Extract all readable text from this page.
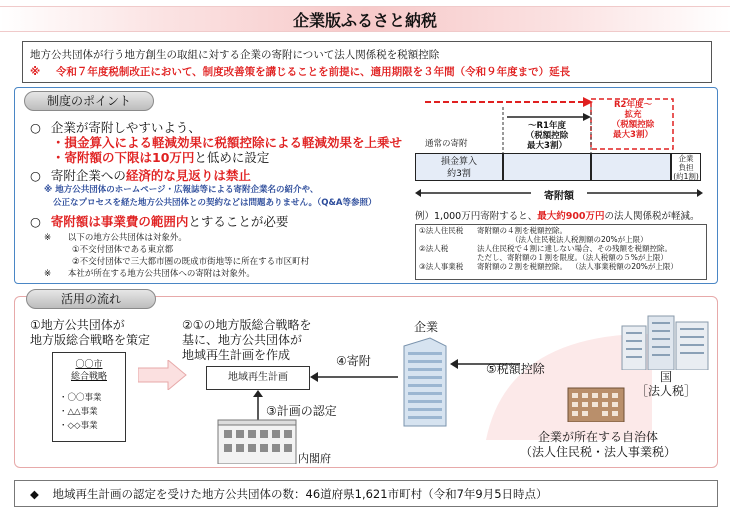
企業版ふるさと納税
地方公共団体が行う地方創生の取組に対する企業の寄附について法人関係税を税額控除
※ 令和７年度税制改正において、制度改善策を講じることを前提に、適用期限を３年間（令和９年度まで）延長
制度のポイント
○ 企業が寄附しやすいよう、
・損金算入による軽減効果に税額控除による軽減効果を上乗せ
・寄附額の下限は10万円と低めに設定
○ 寄附企業への経済的な見返りは禁止
※ 地方公共団体のホームページ・広報誌等による寄附企業名の紹介や、
公正なプロセスを経た地方公共団体との契約などは問題ありません。（Q&A等参照）
○ 寄附額は事業費の範囲内とすることが必要
※ 以下の地方公共団体は対象外。
①不交付団体である東京都
②不交付団体で三大都市圏の既成市街地等に所在する市区町村
※ 本社が所在する地方公共団体への寄附は対象外。
通常の寄附
～R1年度
（税額控除
最大3割）
R2年度～
拡充
（税額控除
最大3割）
損金算入
約3割
企業
負担
(約1割)
寄附額
例）1,000万円寄附すると、最大約900万円の法人関係税が軽減。
①法人住民税 寄附額の４割を税額控除。
（法人住民税法人税割額の20%が上限）
②法人税	法人住民税で４割に達しない場合、その残額を税額控除。
ただし、寄附額の１割を限度。（法人税額の５%が上限）
③法人事業税 寄附額の２割を税額控除。 （法人事業税額の20%が上限）
活用の流れ
①地方公共団体が
地方版総合戦略を策定
〇〇市
総合戦略
・〇〇事業
・△△事業
・◇◇事業
②①の地方版総合戦略を
基に、地方公共団体が
地域再生計画を作成
地域再生計画
④寄附
③計画の認定
内閣府
企業
⑤税額控除
国
［法人税］
企業が所在する自治体
（法人住民税・法人事業税）
◆ 地域再生計画の認定を受けた地方公共団体の数：46道府県1,621市町村（令和7年9月5日時点）
